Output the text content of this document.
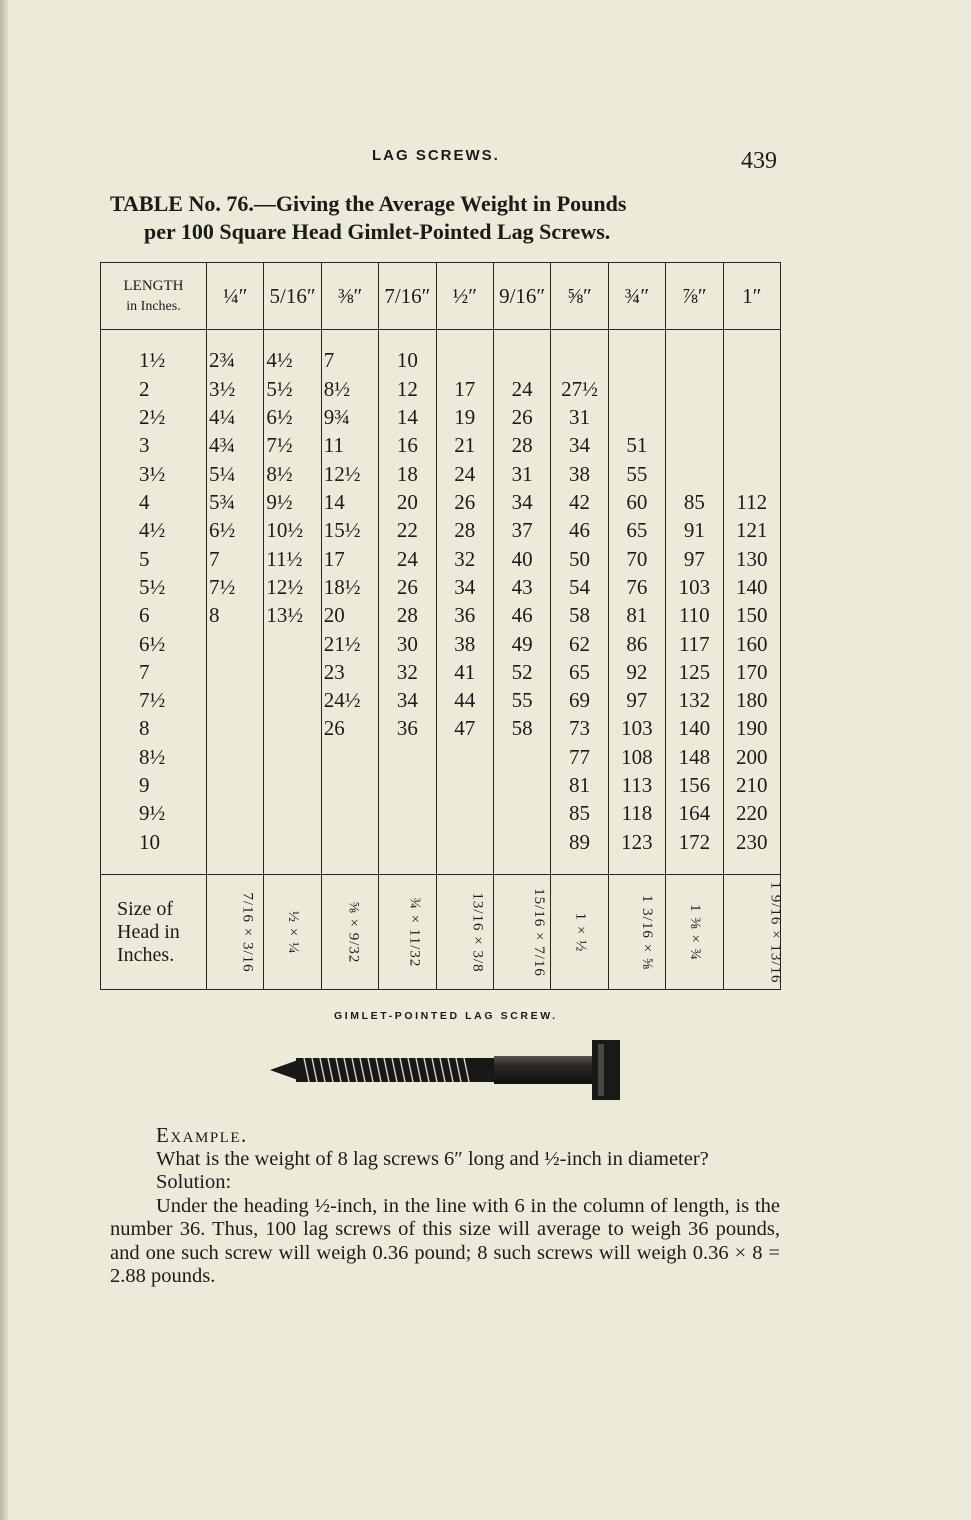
LAG SCREWS.	439
TABLE No. 76.—Giving the Average Weight in Pounds
per 100 Square Head Gimlet-Pointed Lag Screws.
LENGTH
in Inches.	¼″	5/16″	⅜″	7/16″	½″	9/16″	⅝″	¾″	⅞″	1″
1½	2¾	4½	7	10						
2	3½	5½	8½	12	17	24	27½			
2½	4¼	6½	9¾	14	19	26	31			
3	4¾	7½	11	16	21	28	34	51		
3½	5¼	8½	12½	18	24	31	38	55		
4	5¾	9½	14	20	26	34	42	60	85	112
4½	6½	10½	15½	22	28	37	46	65	91	121
5	7	11½	17	24	32	40	50	70	97	130
5½	7½	12½	18½	26	34	43	54	76	103	140
6	8	13½	20	28	36	46	58	81	110	150
6½			21½	30	38	49	62	86	117	160
7			23	32	41	52	65	92	125	170
7½			24½	34	44	55	69	97	132	180
8			26	36	47	58	73	103	140	190
8½							77	108	148	200
9							81	113	156	210
9½							85	118	164	220
10							89	123	172	230
Size of
Head in
Inches.	7/16 × 3/16	½ × ¼	⅝ × 9/32	¾ × 11/32	13/16 × 3/8	15/16 × 7/16	1 × ½	1 3/16 × ⅝	1 ⅜ × ¾	1 9/16 × 13/16
GIMLET-POINTED LAG SCREW.
Example.
What is the weight of 8 lag screws 6″ long and ½-inch in diameter?
Solution:
Under the heading ½-inch, in the line with 6 in the column of length, is the number 36. Thus, 100 lag screws of this size will average to weigh 36 pounds, and one such screw will weigh 0.36 pound; 8 such screws will weigh 0.36 × 8 = 2.88 pounds.
